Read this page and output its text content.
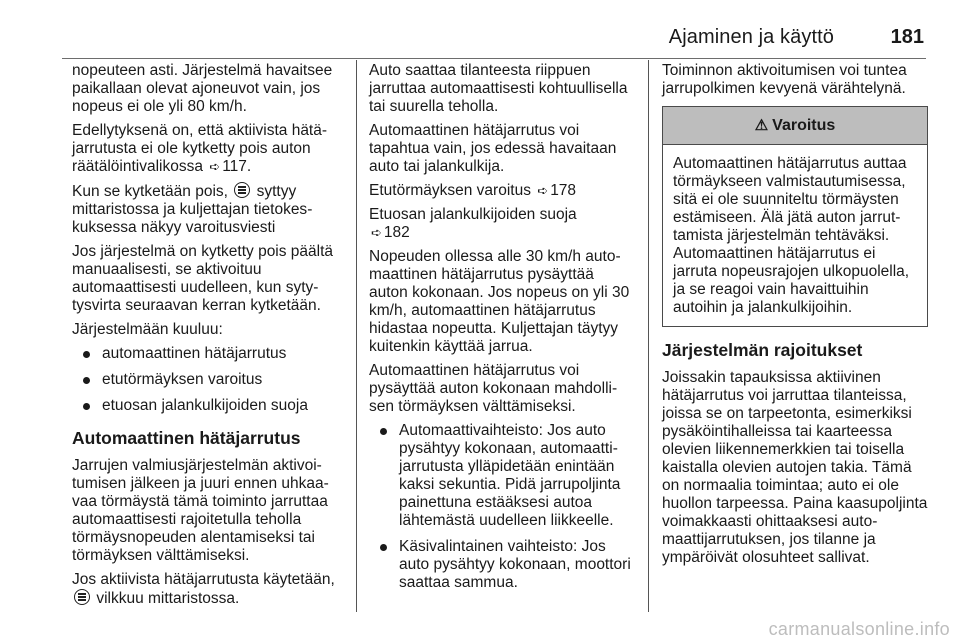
Ajaminen ja käyttö	181

nopeuteen asti. Järjestelmä havaitsee paikallaan olevat ajoneuvot vain, jos nopeus ei ole yli 80 km/h.

Edellytyksenä on, että aktiivista hätäjarrutusta ei ole kytketty pois auton räätälöintivalikossa ➪ 117.

Kun se kytketään pois, syttyy mittaristossa ja kuljettajan tietokeskuksessa näkyy varoitusviesti

Jos järjestelmä on kytketty pois päältä manuaalisesti, se aktivoituu automaattisesti uudelleen, kun sytytysvirta seuraavan kerran kytketään.

Järjestelmään kuuluu:

automaattinen hätäjarrutus
etutörmäyksen varoitus
etuosan jalankulkijoiden suoja
Automaattinen hätäjarrutus

Jarrujen valmiusjärjestelmän aktivoitumisen jälkeen ja juuri ennen uhkaavaa törmäystä tämä toiminto jarruttaa automaattisesti rajoitetulla teholla törmäysnopeuden alentamiseksi tai törmäyksen välttämiseksi.

Jos aktiivista hätäjarrutusta käytetään,  vilkkuu mittaristossa.

Auto saattaa tilanteesta riippuen jarruttaa automaattisesti kohtuullisella tai suurella teholla.

Automaattinen hätäjarrutus voi tapahtua vain, jos edessä havaitaan auto tai jalankulkija.

Etutörmäyksen varoitus ➪ 178

Etuosan jalankulkijoiden suoja
➪ 182

Nopeuden ollessa alle 30 km/h automaattinen hätäjarrutus pysäyttää auton kokonaan. Jos nopeus on yli 30 km/h, automaattinen hätäjarrutus hidastaa nopeutta. Kuljettajan täytyy kuitenkin käyttää jarrua.

Automaattinen hätäjarrutus voi pysäyttää auton kokonaan mahdollisen törmäyksen välttämiseksi.

Automaattivaihteisto: Jos auto pysähtyy kokonaan, automaattijarrutusta ylläpidetään enintään kaksi sekuntia. Pidä jarrupoljinta painettuna estääksesi autoa lähtemästä uudelleen liikkeelle.
Käsivalintainen vaihteisto: Jos auto pysähtyy kokonaan, moottori saattaa sammua.

Toiminnon aktivoitumisen voi tuntea jarrupolkimen kevyenä värähtelynä.

⚠ Varoitus
Automaattinen hätäjarrutus auttaa törmäykseen valmistautumisessa, sitä ei ole suunniteltu törmäysten estämiseen. Älä jätä auton jarruttamista järjestelmän tehtäväksi. Automaattinen hätäjarrutus ei jarruta nopeusrajojen ulkopuolella, ja se reagoi vain havaittuihin autoihin ja jalankulkijoihin.
Järjestelmän rajoitukset

Joissakin tapauksissa aktiivinen hätäjarrutus voi jarruttaa tilanteissa, joissa se on tarpeetonta, esimerkiksi pysäköintihalleissa tai kaarteessa olevien liikennemerkkien tai toisella kaistalla olevien autojen takia. Tämä on normaalia toimintaa; auto ei ole huollon tarpeessa. Paina kaasupoljinta voimakkaasti ohittaaksesi automaattijarrutuksen, jos tilanne ja ympäröivät olosuhteet sallivat.

carmanualsonline.info
